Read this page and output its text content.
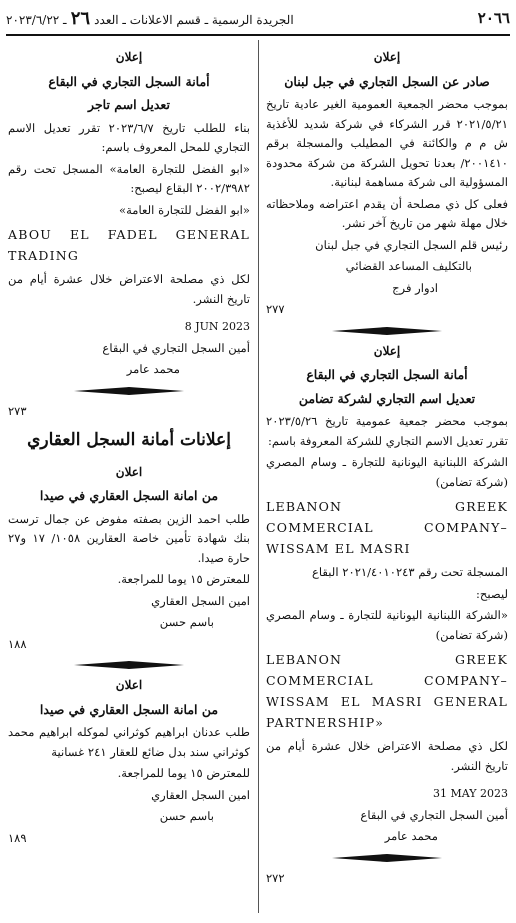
٢٠٦٦
الجريدة الرسمية ـ قسم الاعلانات ـ العدد ٢٦ ـ ٢٠٢٣/٦/٢٢

إعلان

صادر عن السجل التجاري في جبل لبنان

بموجب محضر الجمعية العمومية الغير عادية تاريخ ٢٠٢١/٥/٢١ قرر الشركاء في شركة شديد للأغذية ش م م والكائنة في المطيلب والمسجلة برقم ٢٠٠١٤١٠/ بعدنا تحويل الشركة من شركة محدودة المسؤولية الى شركة مساهمة لبنانية.

فعلى كل ذي مصلحة أن يقدم اعتراضه وملاحظاته خلال مهلة شهر من تاريخ آخر نشر.

رئيس قلم السجل التجاري في جبل لبنان

بالتكليف المساعد القضائي

ادوار فرج

٢٧٧

إعلان

أمانة السجل التجاري في البقاع

تعديل اسم التجاري لشركة تضامن

بموجب محضر جمعية عمومية تاريخ ٢٠٢٣/٥/٢٦ تقرر تعديل الاسم التجاري للشركة المعروفة باسم:

الشركة اللبنانية اليونانية للتجارة ـ وسام المصري (شركة تضامن)

LEBANON GREEK COMMERCIAL COMPANY– WISSAM EL MASRI

المسجلة تحت رقم ٢٠٢١/٤٠١٠٢٤٣ البقاع

ليصبح:

«الشركة اللبنانية اليونانية للتجارة ـ وسام المصري (شركة تضامن)

LEBANON GREEK COMMERCIAL COMPANY– WISSAM EL MASRI GENERAL PARTNERSHIP»

لكل ذي مصلحة الاعتراض خلال عشرة أيام من تاريخ النشر.

31 MAY 2023

أمين السجل التجاري في البقاع

محمد عامر

٢٧٢

إعلان

أمانة السجل التجاري في البقاع

تعديل اسم تاجر

بناء للطلب تاريخ ٢٠٢٣/٦/٧ تقرر تعديل الاسم التجاري للمحل المعروف باسم:

«ابو الفضل للتجارة العامة» المسجل تحت رقم ٢٠٠٢/٣٩٨٢ البقاع ليصبح:

«ابو الفضل للتجارة العامة»

ABOU EL FADEL GENERAL TRADING

لكل ذي مصلحة الاعتراض خلال عشرة أيام من تاريخ النشر.

8 JUN 2023

أمين السجل التجاري في البقاع

محمد عامر

٢٧٣

إعلانات أمانة السجل العقاري

اعلان

من امانة السجل العقاري في صيدا

طلب احمد الزين بصفته مفوض عن جمال ترست بنك شهادة تأمين خاصة العقارين ١٠٥٨/ ١٧ و٢٧ حارة صيدا.

للمعترض ١٥ يوما للمراجعة.

امين السجل العقاري

باسم حسن

١٨٨

اعلان

من امانة السجل العقاري في صيدا

طلب عدنان ابراهيم كوثراني لموكله ابراهيم محمد كوثراني سند بدل ضائع للعقار ٢٤١ غسانية

للمعترض ١٥ يوما للمراجعة.

امين السجل العقاري

باسم حسن

١٨٩
